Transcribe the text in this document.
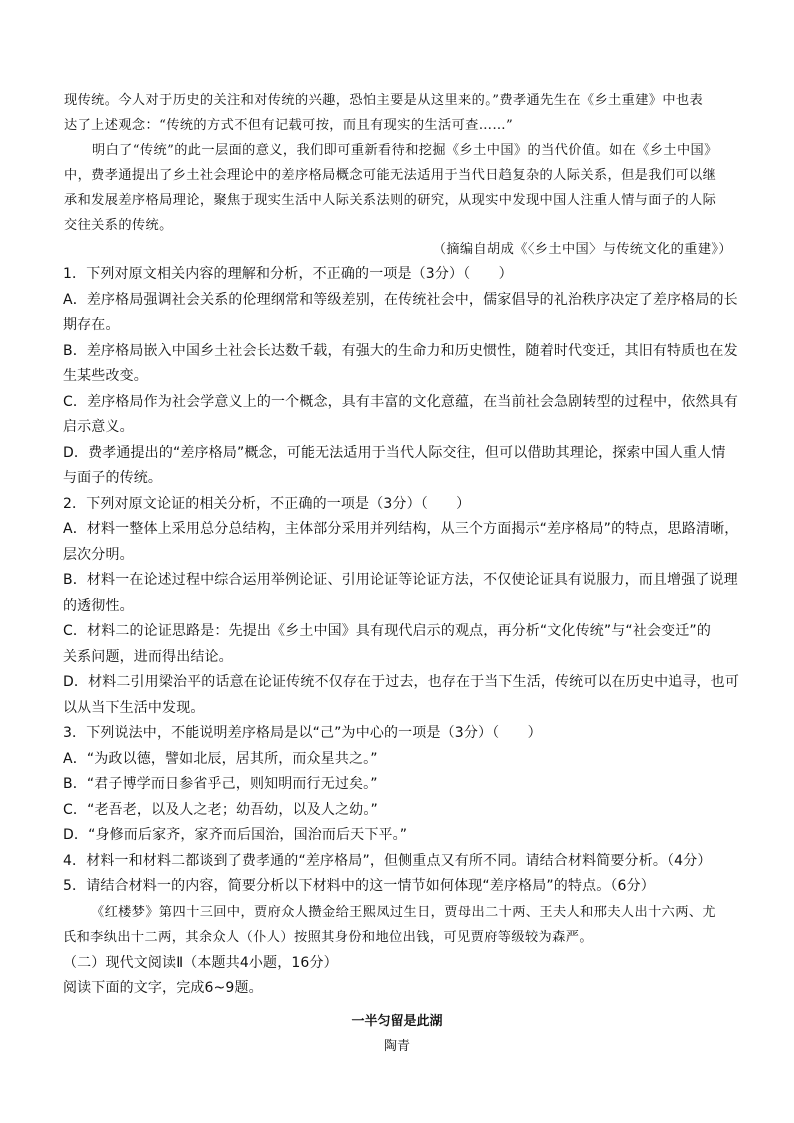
现传统。今人对于历史的关注和对传统的兴趣，恐怕主要是从这里来的。”费孝通先生在《乡土重建》中也表
达了上述观念：“传统的方式不但有记载可按，而且有现实的生活可查……”
明白了“传统”的此一层面的意义，我们即可重新看待和挖掘《乡土中国》的当代价值。如在《乡土中国》
中，费孝通提出了乡土社会理论中的差序格局概念可能无法适用于当代日趋复杂的人际关系，但是我们可以继
承和发展差序格局理论，聚焦于现实生活中人际关系法则的研究，从现实中发现中国人注重人情与面子的人际
交往关系的传统。
（摘编自胡成《〈乡土中国〉与传统文化的重建》）
1．下列对原文相关内容的理解和分析，不正确的一项是（3分）（　　）
A．差序格局强调社会关系的伦理纲常和等级差别，在传统社会中，儒家倡导的礼治秩序决定了差序格局的长
期存在。
B．差序格局嵌入中国乡土社会长达数千载，有强大的生命力和历史惯性，随着时代变迁，其旧有特质也在发
生某些改变。
C．差序格局作为社会学意义上的一个概念，具有丰富的文化意蕴，在当前社会急剧转型的过程中，依然具有
启示意义。
D．费孝通提出的“差序格局”概念，可能无法适用于当代人际交往，但可以借助其理论，探索中国人重人情
与面子的传统。
2．下列对原文论证的相关分析，不正确的一项是（3分）（　　）
A．材料一整体上采用总分总结构，主体部分采用并列结构，从三个方面揭示“差序格局”的特点，思路清晰，
层次分明。
B．材料一在论述过程中综合运用举例论证、引用论证等论证方法，不仅使论证具有说服力，而且增强了说理
的透彻性。
C．材料二的论证思路是：先提出《乡土中国》具有现代启示的观点，再分析“文化传统”与“社会变迁”的
关系问题，进而得出结论。
D．材料二引用梁治平的话意在论证传统不仅存在于过去，也存在于当下生活，传统可以在历史中追寻，也可
以从当下生活中发现。
3．下列说法中，不能说明差序格局是以“己”为中心的一项是（3分）（　　）
A．“为政以德，譬如北辰，居其所，而众星共之。”
B．“君子博学而日参省乎己，则知明而行无过矣。”
C．“老吾老，以及人之老；幼吾幼，以及人之幼。”
D．“身修而后家齐，家齐而后国治，国治而后天下平。”
4．材料一和材料二都谈到了费孝通的“差序格局”，但侧重点又有所不同。请结合材料简要分析。（4分）
5．请结合材料一的内容，简要分析以下材料中的这一情节如何体现“差序格局”的特点。（6分）
《红楼梦》第四十三回中，贾府众人攒金给王熙凤过生日，贾母出二十两、王夫人和邢夫人出十六两、尤
氏和李纨出十二两，其余众人（仆人）按照其身份和地位出钱，可见贾府等级较为森严。
（二）现代文阅读Ⅱ（本题共4小题，16分）
阅读下面的文字，完成6~9题。
一半匀留是此湖
陶青
